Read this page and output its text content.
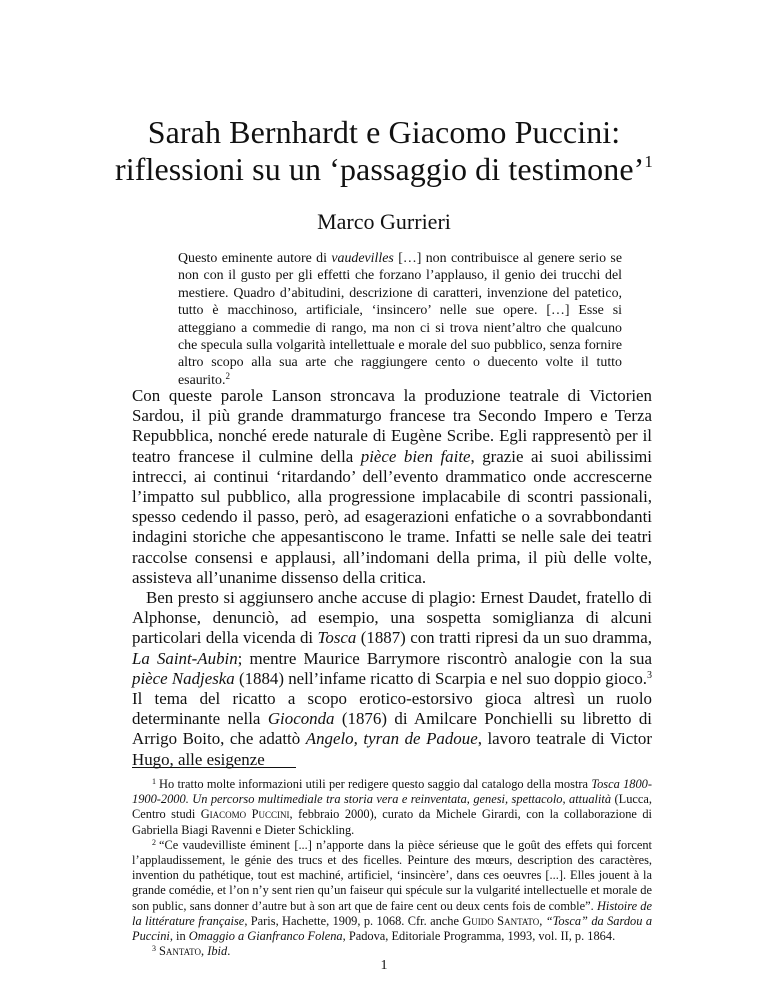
Sarah Bernhardt e Giacomo Puccini:
riflessioni su un ‘passaggio di testimone’$^1$

Marco Gurrieri

Questo eminente autore di vaudevilles […] non contribuisce al genere serio se non con il gusto per gli effetti che forzano l’applauso, il genio dei trucchi del mestiere. Quadro d’abitudini, descrizione di caratteri, invenzione del patetico, tutto è macchinoso, artificiale, ‘insincero’ nelle sue opere. […] Esse si atteggiano a commedie di rango, ma non ci si trova nient’altro che qualcuno che specula sulla volgarità intellettuale e morale del suo pubblico, senza fornire altro scopo alla sua arte che raggiungere cento o duecento volte il tutto esaurito.$^2$

Con queste parole Lanson stroncava la produzione teatrale di Victorien Sardou, il più grande drammaturgo francese tra Secondo Impero e Terza Repubblica, nonché erede naturale di Eugène Scribe. Egli rappresentò per il teatro francese il culmine della pièce bien faite, grazie ai suoi abilissimi intrecci, ai continui ‘ritardando’ dell’evento drammatico onde accrescerne l’impatto sul pubblico, alla progressione implacabile di scontri passionali, spesso cedendo il passo, però, ad esagerazioni enfatiche o a sovrabbondanti indagini storiche che appesantiscono le trame. Infatti se nelle sale dei teatri raccolse consensi e applausi, all’indomani della prima, il più delle volte, assisteva all’unanime dissenso della critica.

Ben presto si aggiunsero anche accuse di plagio: Ernest Daudet, fratello di Alphonse, denunciò, ad esempio, una sospetta somiglianza di alcuni particolari della vicenda di Tosca (1887) con tratti ripresi da un suo dramma, La Saint-Aubin; mentre Maurice Barrymore riscontrò analogie con la sua pièce Nadjeska (1884) nell’infame ricatto di Scarpia e nel suo doppio gioco.$^3$ Il tema del ricatto a scopo erotico-estorsivo gioca altresì un ruolo determinante nella Gioconda (1876) di Amilcare Ponchielli su libretto di Arrigo Boito, che adattò Angelo, tyran de Padoue, lavoro teatrale di Victor Hugo, alle esigenze

$^1$ Ho tratto molte informazioni utili per redigere questo saggio dal catalogo della mostra Tosca 1800-1900-2000. Un percorso multimediale tra storia vera e reinventata, genesi, spettacolo, attualità (Lucca, Centro studi Giacomo Puccini, febbraio 2000), curato da Michele Girardi, con la collaborazione di Gabriella Biagi Ravenni e Dieter Schickling.

$^2$ “Ce vaudevilliste éminent [...] n’apporte dans la pièce sérieuse que le goût des effets qui forcent l’applaudissement, le génie des trucs et des ficelles. Peinture des mœurs, description des caractères, invention du pathétique, tout est machiné, artificiel, ‘insincère’, dans ces oeuvres [...]. Elles jouent à la grande comédie, et l’on n’y sent rien qu’un faiseur qui spécule sur la vulgarité intellectuelle et morale de son public, sans donner d’autre but à son art que de faire cent ou deux cents fois de comble”. Histoire de la littérature française, Paris, Hachette, 1909, p. 1068. Cfr. anche Guido Santato, “Tosca” da Sardou a Puccini, in Omaggio a Gianfranco Folena, Padova, Editoriale Programma, 1993, vol. II, p. 1864.

$^3$ Santato, Ibid.

1
